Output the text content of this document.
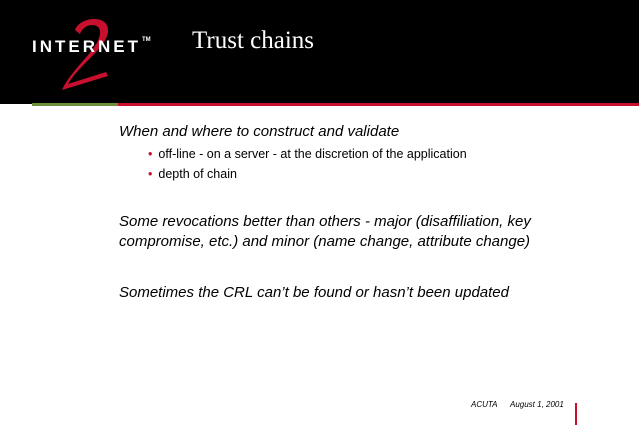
INTERNET™ Trust chains
When and where to construct and validate
• off-line - on a server - at the discretion of the application
• depth of chain
Some revocations better than others - major (disaffiliation, key
compromise, etc.) and minor (name change, attribute change)
Sometimes the CRL can’t be found or hasn’t been updated
ACUTA August 1, 2001
